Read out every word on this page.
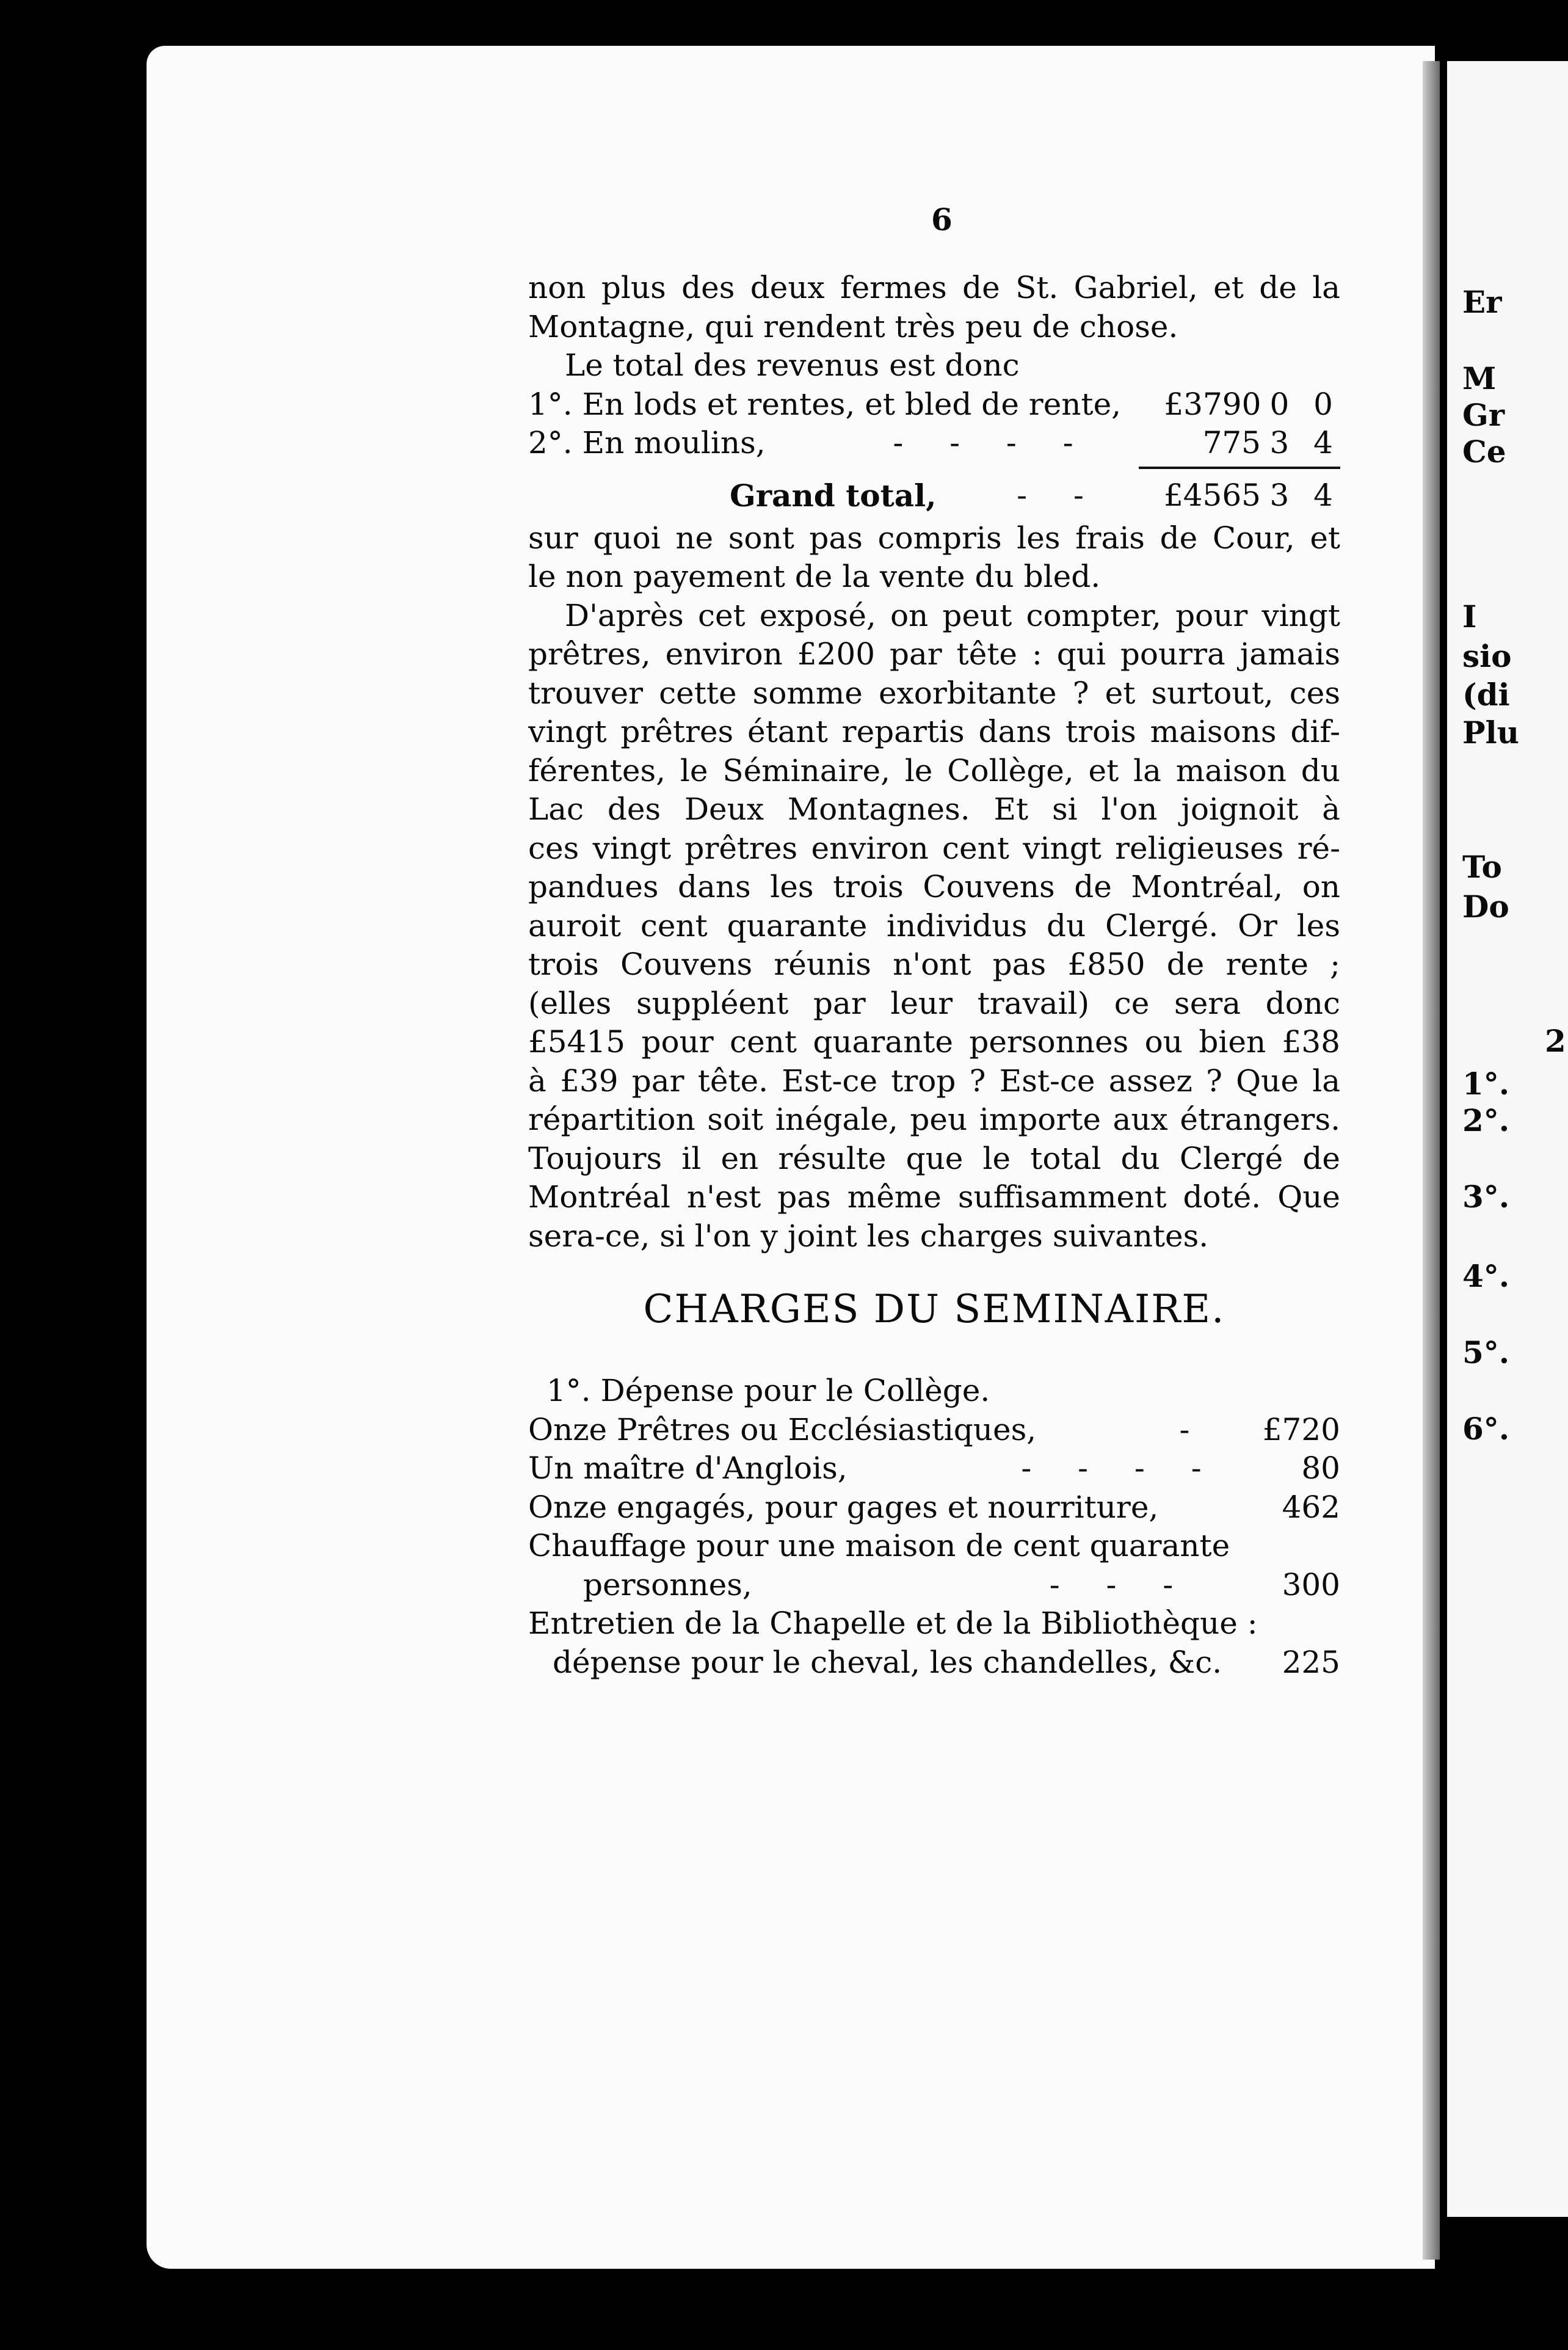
Er
M
Gr
Ce
I
sio
(di
Plu
To
Do
2
1°.
2°.
3°.
4°.
5°.
6°.
6
non plus des deux fermes de St. Gabriel, et de la
Montagne, qui rendent très peu de chose.
Le total des revenus est donc
1°. En lods et rentes, et bled de rente,	£3790 0 0
2°. En moulins,	- - - -	775 3 4
Grand total,	- -	£4565 3 4
sur quoi ne sont pas compris les frais de Cour, et
le non payement de la vente du bled.
D'après cet exposé, on peut compter, pour vingt
prêtres, environ £200 par tête : qui pourra jamais
trouver cette somme exorbitante ? et surtout, ces
vingt prêtres étant repartis dans trois maisons dif-
férentes, le Séminaire, le Collège, et la maison du
Lac des Deux Montagnes. Et si l'on joignoit à
ces vingt prêtres environ cent vingt religieuses ré-
pandues dans les trois Couvens de Montréal, on
auroit cent quarante individus du Clergé. Or les
trois Couvens réunis n'ont pas £850 de rente ;
(elles suppléent par leur travail) ce sera donc
£5415 pour cent quarante personnes ou bien £38
à £39 par tête. Est-ce trop ? Est-ce assez ? Que la
répartition soit inégale, peu importe aux étrangers.
Toujours il en résulte que le total du Clergé de
Montréal n'est pas même suffisamment doté. Que
sera-ce, si l'on y joint les charges suivantes.
CHARGES DU SEMINAIRE.
1°. Dépense pour le Collège.
Onze Prêtres ou Ecclésiastiques,	-	£720
Un maître d'Anglois,	- - - -	80
Onze engagés, pour gages et nourriture,	462
Chauffage pour une maison de cent quarante
personnes,	- - -	300
Entretien de la Chapelle et de la Bibliothèque :
dépense pour le cheval, les chandelles, &c.	225
